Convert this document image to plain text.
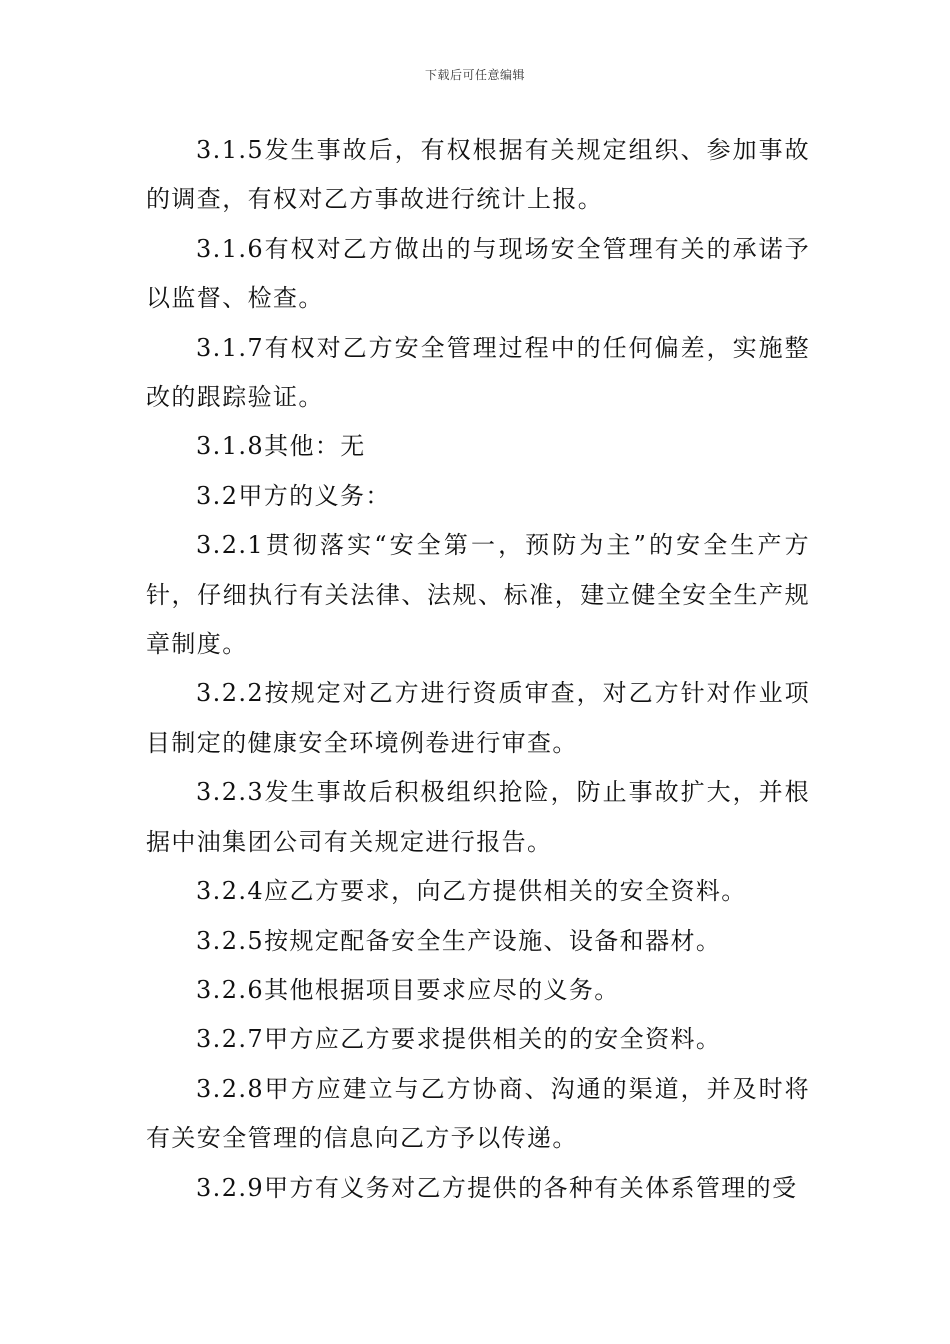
下载后可任意编辑

3.1.5发生事故后，有权根据有关规定组织、参加事故的调查，有权对乙方事故进行统计上报。

3.1.6有权对乙方做出的与现场安全管理有关的承诺予以监督、检查。

3.1.7有权对乙方安全管理过程中的任何偏差，实施整改的跟踪验证。

3.1.8其他：无

3.2甲方的义务：

3.2.1贯彻落实“安全第一，预防为主”的安全生产方针，仔细执行有关法律、法规、标准，建立健全安全生产规章制度。

3.2.2按规定对乙方进行资质审查，对乙方针对作业项目制定的健康安全环境例卷进行审查。

3.2.3发生事故后积极组织抢险，防止事故扩大，并根据中油集团公司有关规定进行报告。

3.2.4应乙方要求，向乙方提供相关的安全资料。

3.2.5按规定配备安全生产设施、设备和器材。

3.2.6其他根据项目要求应尽的义务。

3.2.7甲方应乙方要求提供相关的的安全资料。

3.2.8甲方应建立与乙方协商、沟通的渠道，并及时将有关安全管理的信息向乙方予以传递。

3.2.9甲方有义务对乙方提供的各种有关体系管理的受
